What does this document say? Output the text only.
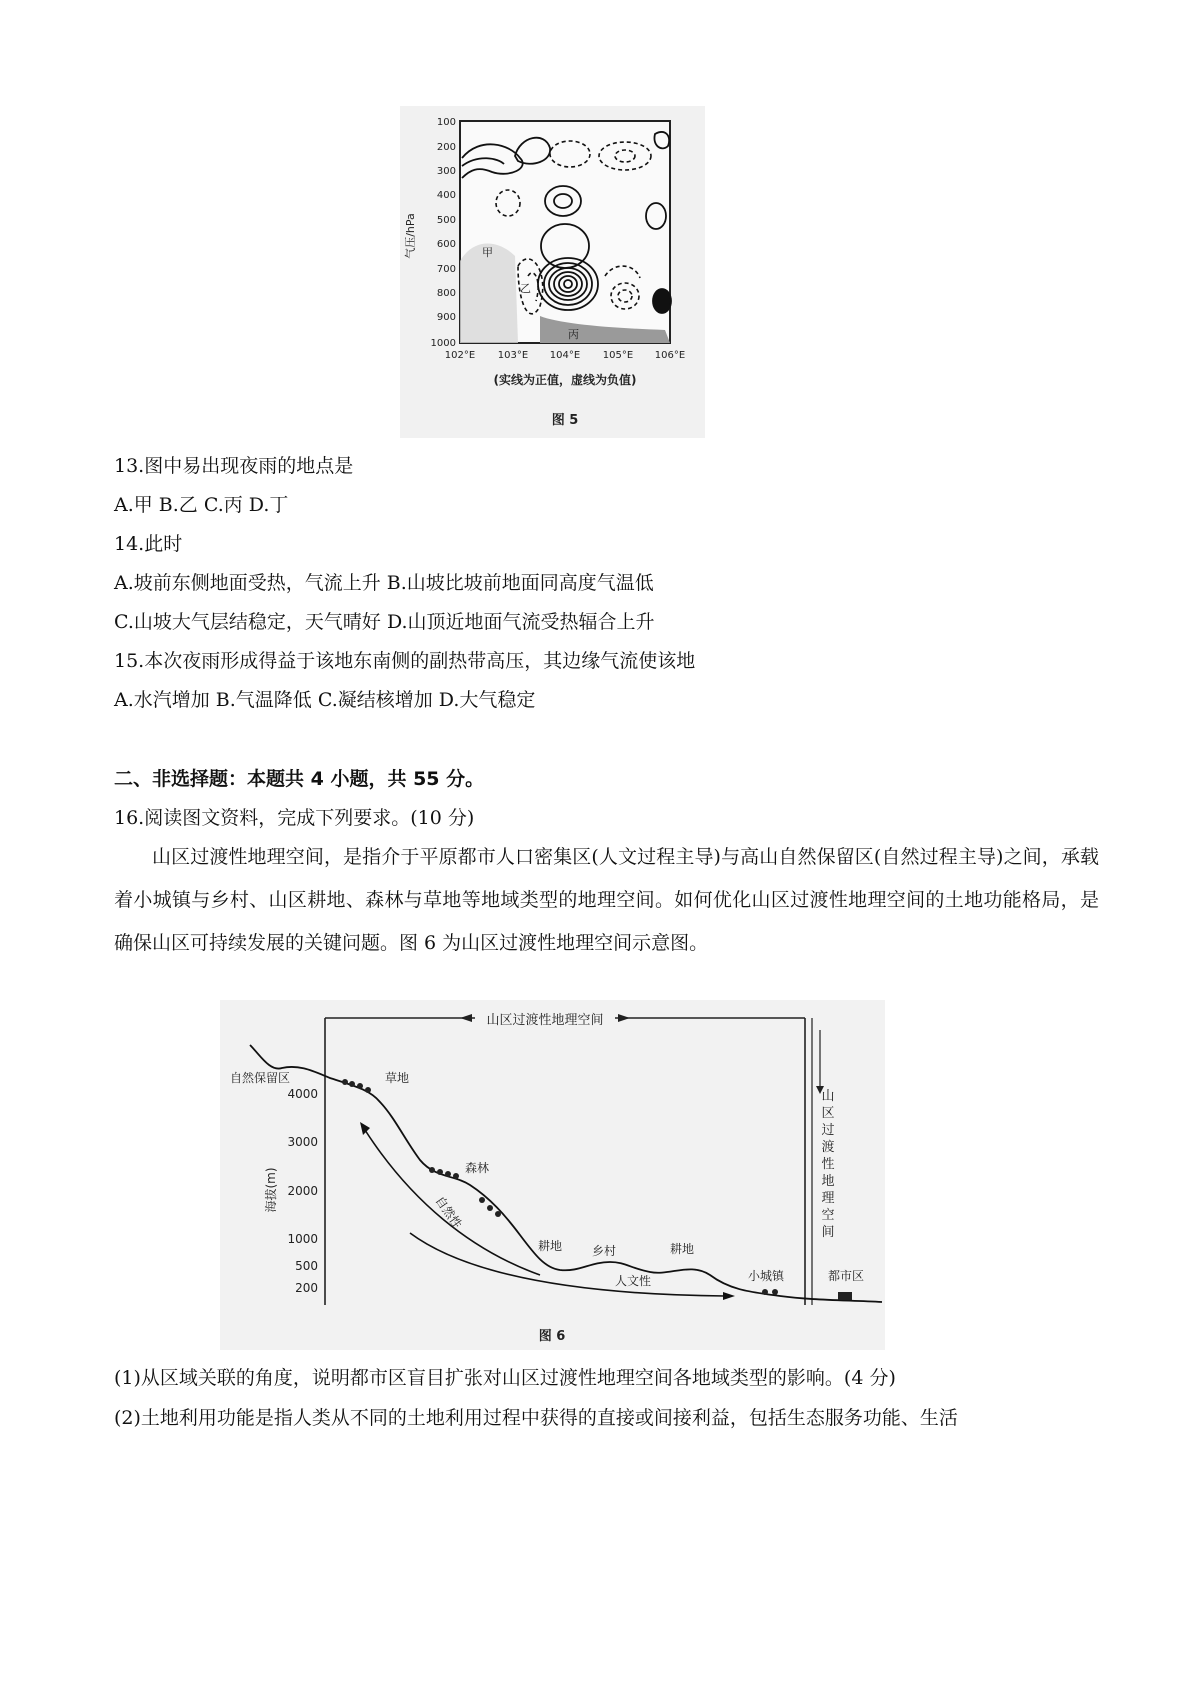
气压/hPa
100
200
300
400
500
600
700
800
900
1000
102°E 103°E 104°E 105°E 106°E
(实线为正值，虚线为负值)
图 5
甲
乙
丙
13.图中易出现夜雨的地点是
A.甲 B.乙 C.丙 D.丁
14.此时
A.坡前东侧地面受热，气流上升 B.山坡比坡前地面同高度气温低
C.山坡大气层结稳定，天气晴好 D.山顶近地面气流受热辐合上升
15.本次夜雨形成得益于该地东南侧的副热带高压，其边缘气流使该地
A.水汽增加 B.气温降低 C.凝结核增加 D.大气稳定
二、非选择题：本题共 4 小题，共 55 分。
16.阅读图文资料，完成下列要求。(10 分)
山区过渡性地理空间，是指介于平原都市人口密集区(人文过程主导)与高山自然保留区(自然过程主导)之间，承载着小城镇与乡村、山区耕地、森林与草地等地域类型的地理空间。如何优化山区过渡性地理空间的土地功能格局，是确保山区可持续发展的关键问题。图 6 为山区过渡性地理空间示意图。
山区过渡性地理空间
山区过渡性地理空间
海拔(m)
4000
3000
2000
1000
500
200
自然保留区	草地
森林
自然性
耕地 乡村	耕地
人文性	小城镇	都市区
图 6
(1)从区域关联的角度，说明都市区盲目扩张对山区过渡性地理空间各地域类型的影响。(4 分)
(2)土地利用功能是指人类从不同的土地利用过程中获得的直接或间接利益，包括生态服务功能、生活
